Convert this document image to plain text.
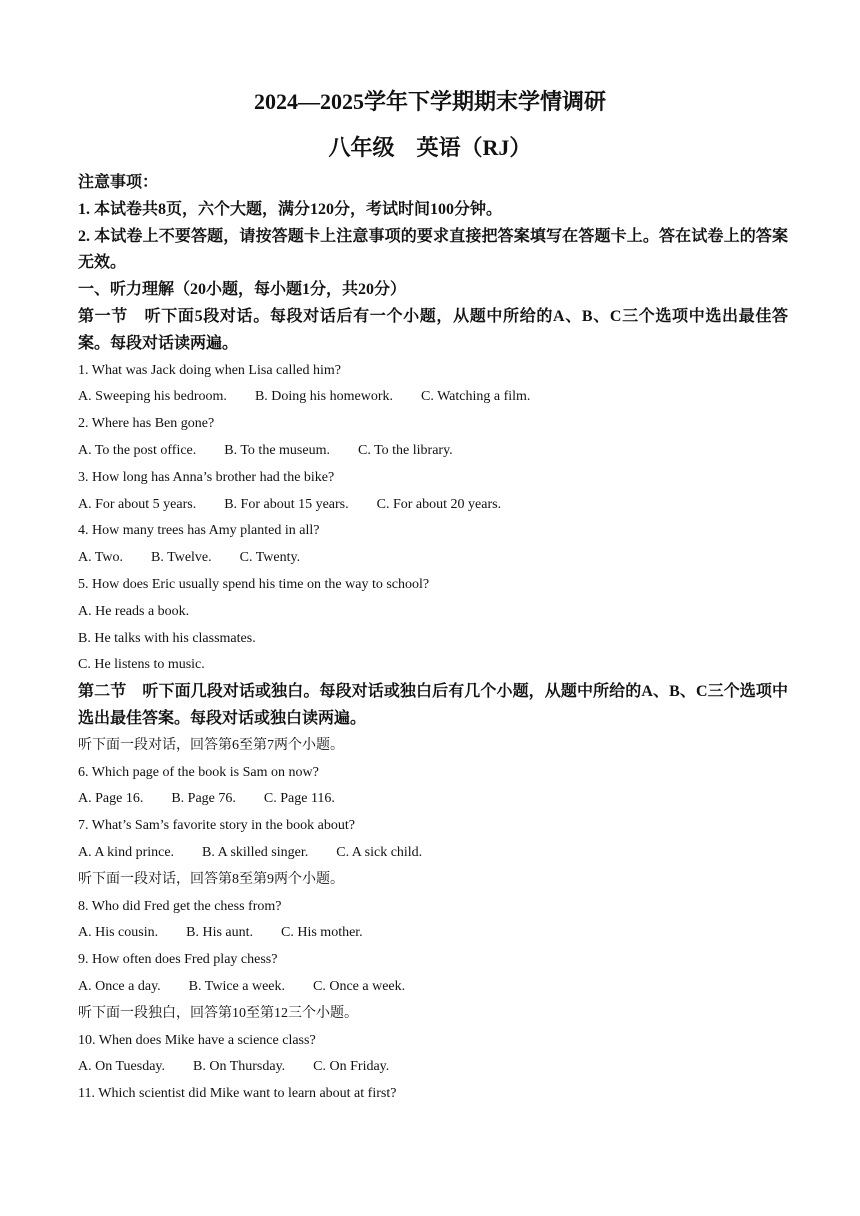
2024—2025学年下学期期末学情调研
八年级　英语（RJ）

注意事项：

1. 本试卷共8页，六个大题，满分120分，考试时间100分钟。

2. 本试卷上不要答题，请按答题卡上注意事项的要求直接把答案填写在答题卡上。答在试卷上的答案无效。

一、听力理解（20小题，每小题1分，共20分）

第一节　听下面5段对话。每段对话后有一个小题，从题中所给的A、B、C三个选项中选出最佳答案。每段对话读两遍。

1. What was Jack doing when Lisa called him?

A. Sweeping his bedroom. B. Doing his homework. C. Watching a film.

2. Where has Ben gone?

A. To the post office. B. To the museum. C. To the library.

3. How long has Anna’s brother had the bike?

A. For about 5 years. B. For about 15 years. C. For about 20 years.

4. How many trees has Amy planted in all?

A. Two. B. Twelve. C. Twenty.

5. How does Eric usually spend his time on the way to school?

A. He reads a book.

B. He talks with his classmates.

C. He listens to music.

第二节　听下面几段对话或独白。每段对话或独白后有几个小题，从题中所给的A、B、C三个选项中选出最佳答案。每段对话或独白读两遍。

听下面一段对话，回答第6至第7两个小题。

6. Which page of the book is Sam on now?

A. Page 16. B. Page 76. C. Page 116.

7. What’s Sam’s favorite story in the book about?

A. A kind prince. B. A skilled singer. C. A sick child.

听下面一段对话，回答第8至第9两个小题。

8. Who did Fred get the chess from?

A. His cousin. B. His aunt. C. His mother.

9. How often does Fred play chess?

A. Once a day. B. Twice a week. C. Once a week.

听下面一段独白，回答第10至第12三个小题。

10. When does Mike have a science class?

A. On Tuesday. B. On Thursday. C. On Friday.

11. Which scientist did Mike want to learn about at first?
